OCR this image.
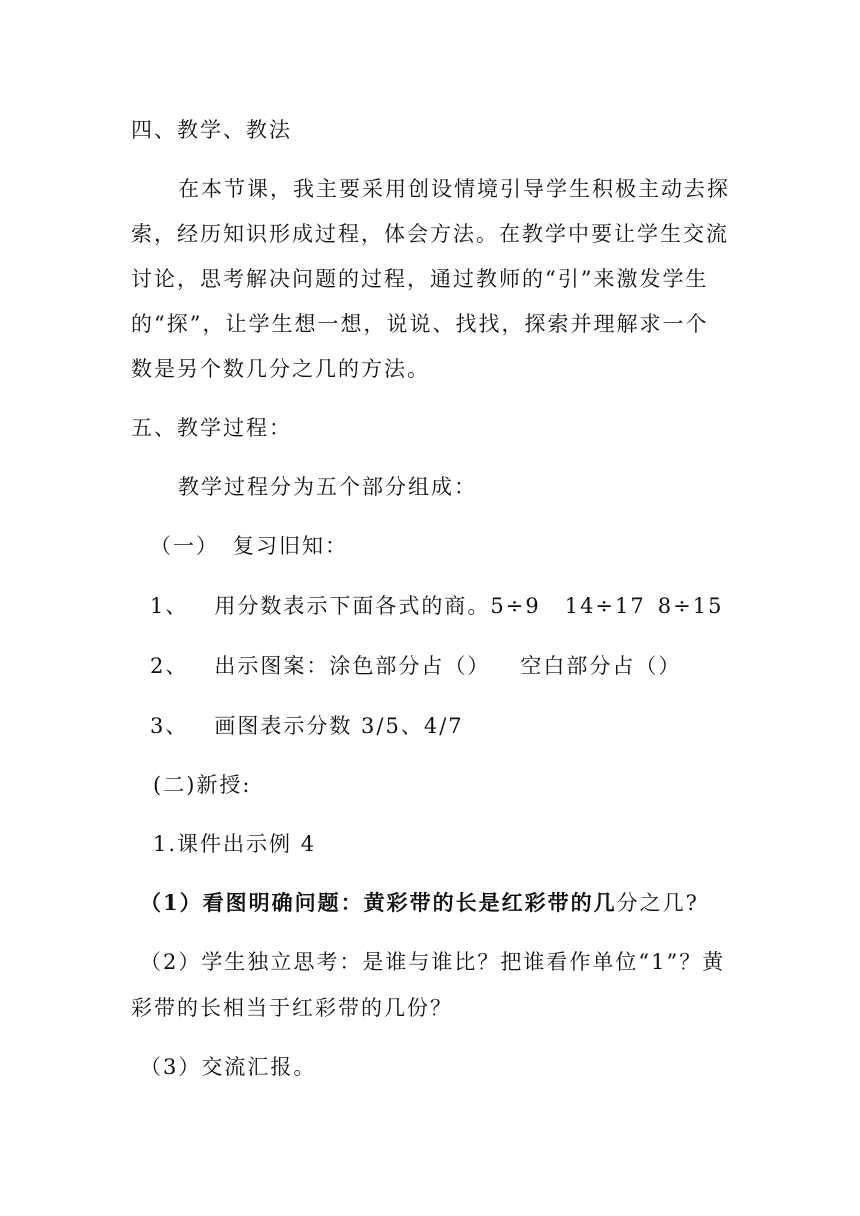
四、教学、教法
在本节课，我主要采用创设情境引导学生积极主动去探
索，经历知识形成过程，体会方法。在教学中要让学生交流
讨论，思考解决问题的过程，通过教师的“引”来激发学生
的“探”，让学生想一想，说说、找找，探索并理解求一个
数是另个数几分之几的方法。
五、教学过程：
教学过程分为五个部分组成：
（一） 复习旧知：
1、 用分数表示下面各式的商。5÷9 14÷17 8÷15
2、 出示图案：涂色部分占（） 空白部分占（）
3、 画图表示分数 3/5、4/7
(二)新授:
1.课件出示例 4
（1）看图明确问题：黄彩带的长是红彩带的几分之几?
（2）学生独立思考：是谁与谁比？把谁看作单位“1”？黄
彩带的长相当于红彩带的几份？
（3）交流汇报。
